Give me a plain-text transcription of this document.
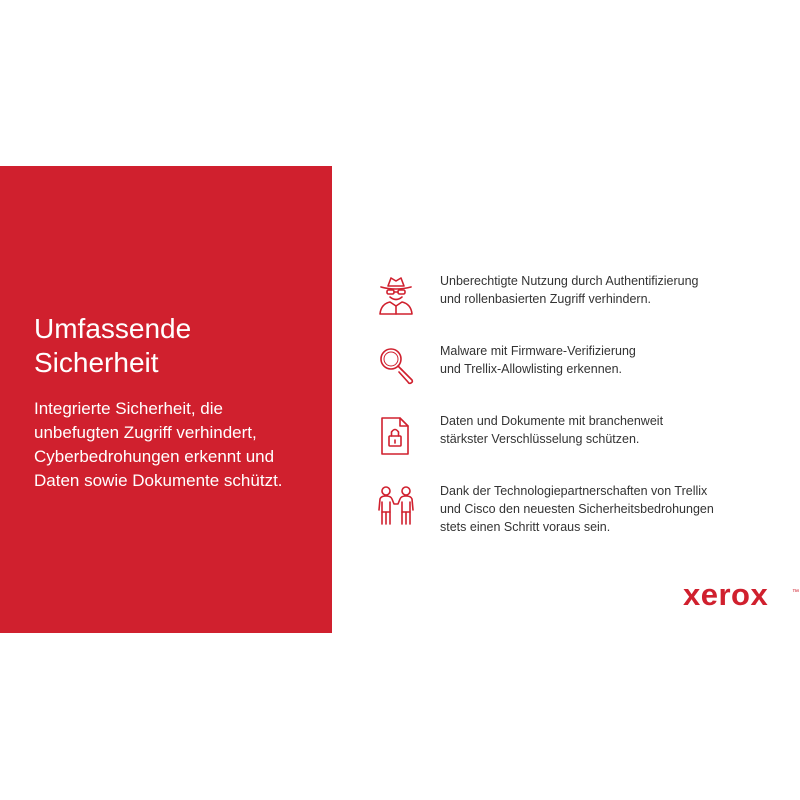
Umfassende
Sicherheit
Integrierte Sicherheit, die
unbefugten Zugriff verhindert,
Cyberbedrohungen erkennt und
Daten sowie Dokumente schützt.
Unberechtigte Nutzung durch Authentifizierung
und rollenbasierten Zugriff verhindern.
Malware mit Firmware-Verifizierung
und Trellix-Allowlisting erkennen.
Daten und Dokumente mit branchenweit
stärkster Verschlüsselung schützen.
Dank der Technologiepartnerschaften von Trellix
und Cisco den neuesten Sicherheitsbedrohungen
stets einen Schritt voraus sein.
xerox	™
